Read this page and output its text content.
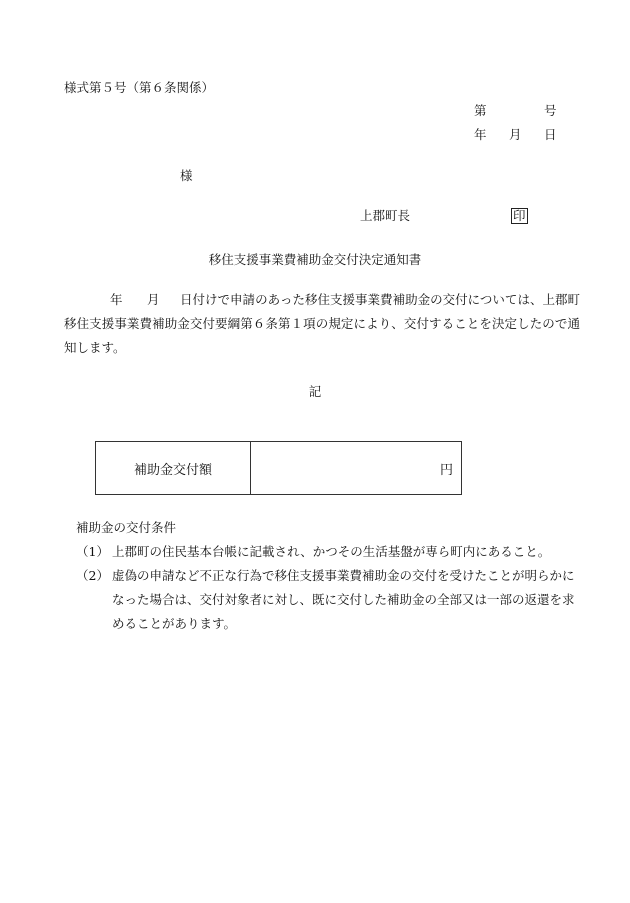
様式第５号（第６条関係）
第	号
年 月 日
様
上郡町長	印
移住支援事業費補助金交付決定通知書
年 月	日付けで申請のあった移住支援事業費補助金の交付については、上郡町移住支援事業費補助金交付要綱第６条第１項の規定により、交付することを決定したので通知します。
記
補助金交付額	円
補助金の交付条件
（1） 上郡町の住民基本台帳に記載され、かつその生活基盤が専ら町内にあること。
（2） 虚偽の申請など不正な行為で移住支援事業費補助金の交付を受けたことが明らかになった場合は、交付対象者に対し、既に交付した補助金の全部又は一部の返還を求めることがあります。
